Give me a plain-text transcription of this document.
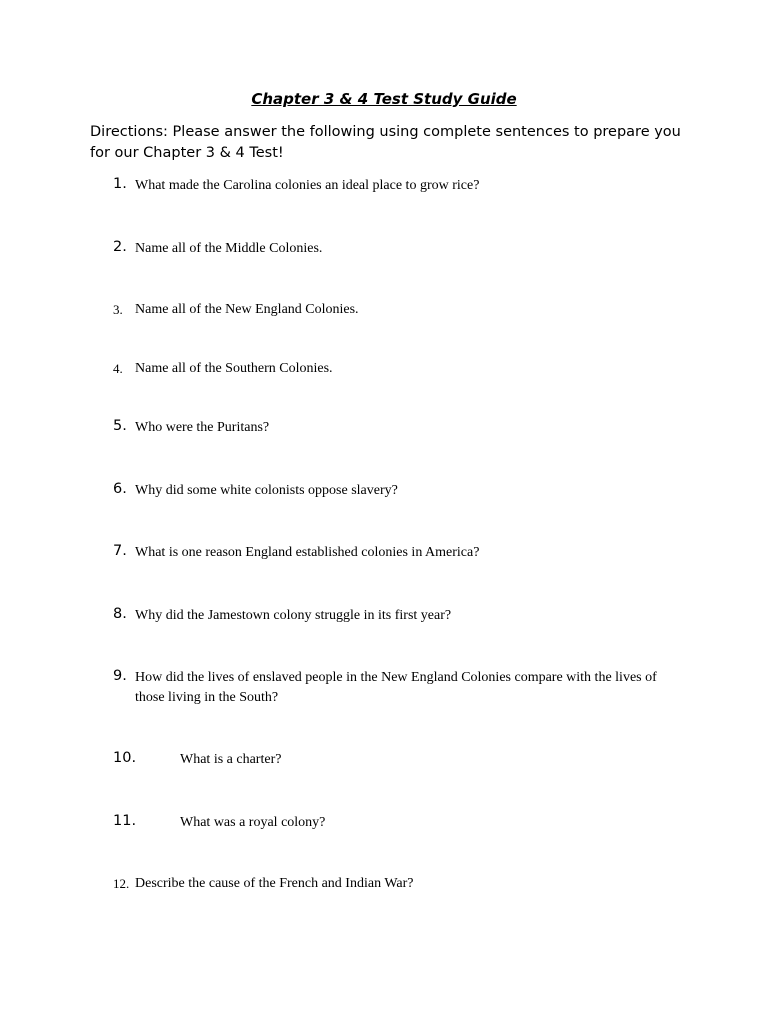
Chapter 3 & 4 Test Study Guide

Directions: Please answer the following using complete sentences to prepare you for our Chapter 3 & 4 Test!

1. What made the Carolina colonies an ideal place to grow rice?
2. Name all of the Middle Colonies.
3. Name all of the New England Colonies.
4. Name all of the Southern Colonies.
5. Who were the Puritans?
6. Why did some white colonists oppose slavery?
7. What is one reason England established colonies in America?
8. Why did the Jamestown colony struggle in its first year?
9. How did the lives of enslaved people in the New England Colonies compare with the lives of those living in the South?
10.	What is a charter?
11.	What was a royal colony?
12. Describe the cause of the French and Indian War?
